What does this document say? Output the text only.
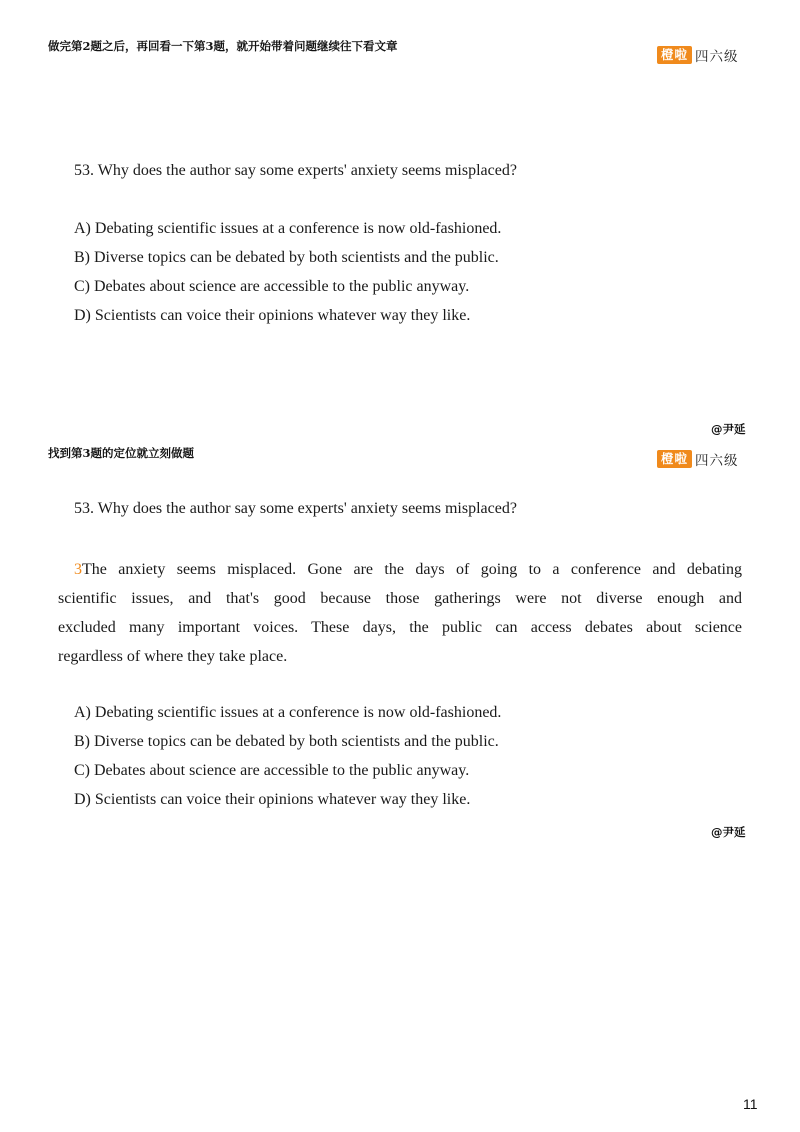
做完第2题之后，再回看一下第3题，就开始带着问题继续往下看文章
橙啦 四六级
53. Why does the author say some experts' anxiety seems misplaced?
A) Debating scientific issues at a conference is now old-fashioned.
B) Diverse topics can be debated by both scientists and the public.
C) Debates about science are accessible to the public anyway.
D) Scientists can voice their opinions whatever way they like.
@尹延
找到第3题的定位就立刻做题	橙啦 四六级
53. Why does the author say some experts' anxiety seems misplaced?
3The anxiety seems misplaced. Gone are the days of going to a conference and debating
scientific issues, and that's good because those gatherings were not diverse enough and
excluded many important voices. These days, the public can access debates about science
regardless of where they take place.
A) Debating scientific issues at a conference is now old-fashioned.
B) Diverse topics can be debated by both scientists and the public.
C) Debates about science are accessible to the public anyway.
D) Scientists can voice their opinions whatever way they like.
@尹延
11
